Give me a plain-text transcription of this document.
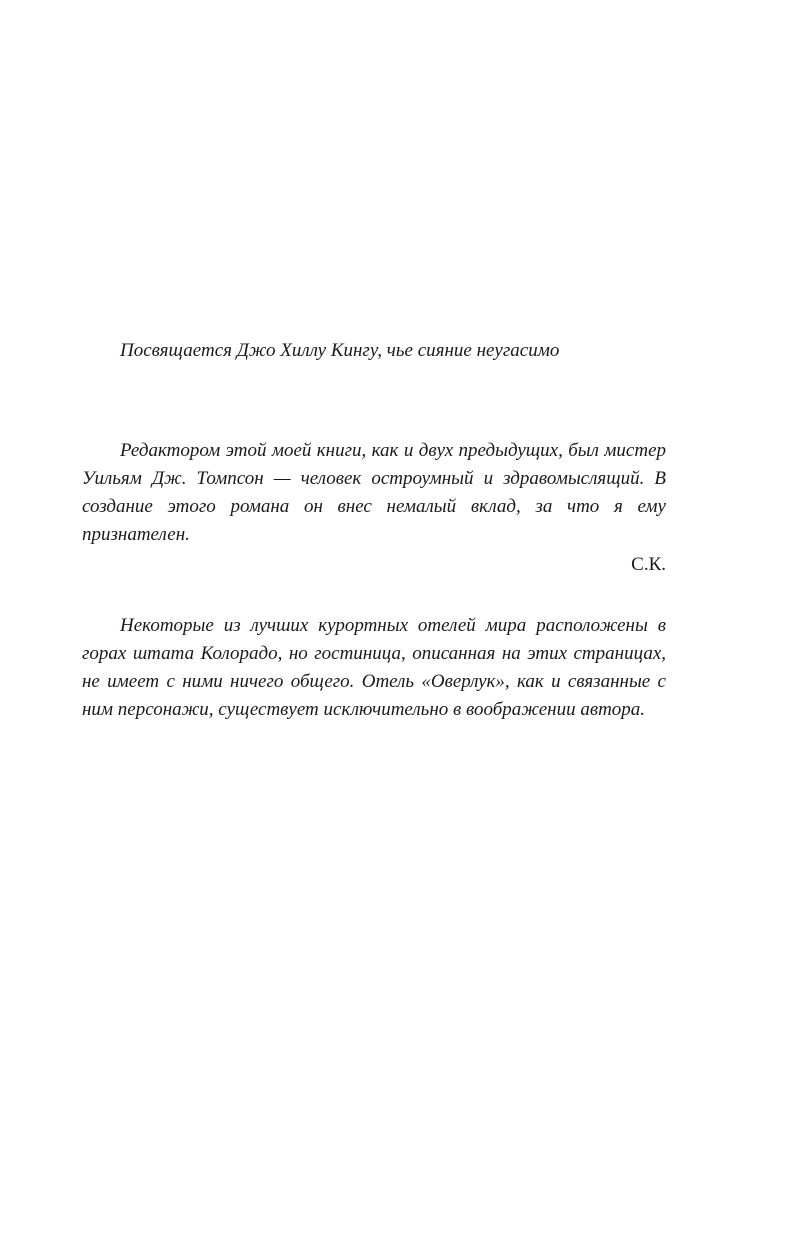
Посвящается Джо Хиллу Кингу, чье сияние неугасимо

Редактором этой моей книги, как и двух предыдущих, был мистер Уильям Дж. Томпсон — человек остроумный и здравомыслящий. В создание этого романа он внес немалый вклад, за что я ему признателен.

С.К.

Некоторые из лучших курортных отелей мира расположены в горах штата Колорадо, но гостиница, описанная на этих страницах, не имеет с ними ничего общего. Отель «Оверлук», как и связанные с ним персонажи, существует исключительно в воображении автора.
